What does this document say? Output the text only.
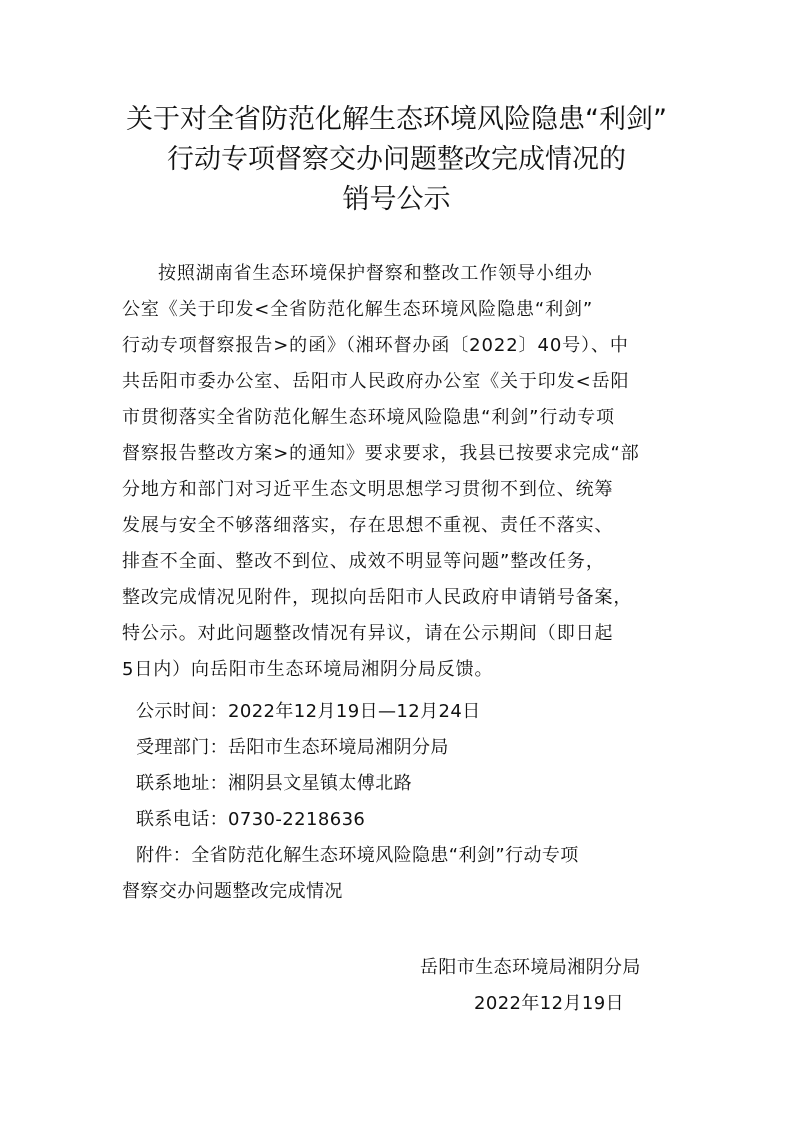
关于对全省防范化解生态环境风险隐患“利剑”
行动专项督察交办问题整改完成情况的
销号公示
按照湖南省生态环境保护督察和整改工作领导小组办
公室《关于印发<全省防范化解生态环境风险隐患“利剑”
行动专项督察报告>的函》（湘环督办函〔2022〕40号）、中
共岳阳市委办公室、岳阳市人民政府办公室《关于印发<岳阳
市贯彻落实全省防范化解生态环境风险隐患“利剑”行动专项
督察报告整改方案>的通知》要求要求，我县已按要求完成“部
分地方和部门对习近平生态文明思想学习贯彻不到位、统筹
发展与安全不够落细落实，存在思想不重视、责任不落实、
排查不全面、整改不到位、成效不明显等问题”整改任务，
整改完成情况见附件，现拟向岳阳市人民政府申请销号备案，
特公示。对此问题整改情况有异议，请在公示期间（即日起
5日内）向岳阳市生态环境局湘阴分局反馈。
公示时间：2022年12月19日—12月24日
受理部门：岳阳市生态环境局湘阴分局
联系地址：湘阴县文星镇太傅北路
联系电话：0730-2218636
附件：全省防范化解生态环境风险隐患“利剑”行动专项
督察交办问题整改完成情况
岳阳市生态环境局湘阴分局
2022年12月19日
